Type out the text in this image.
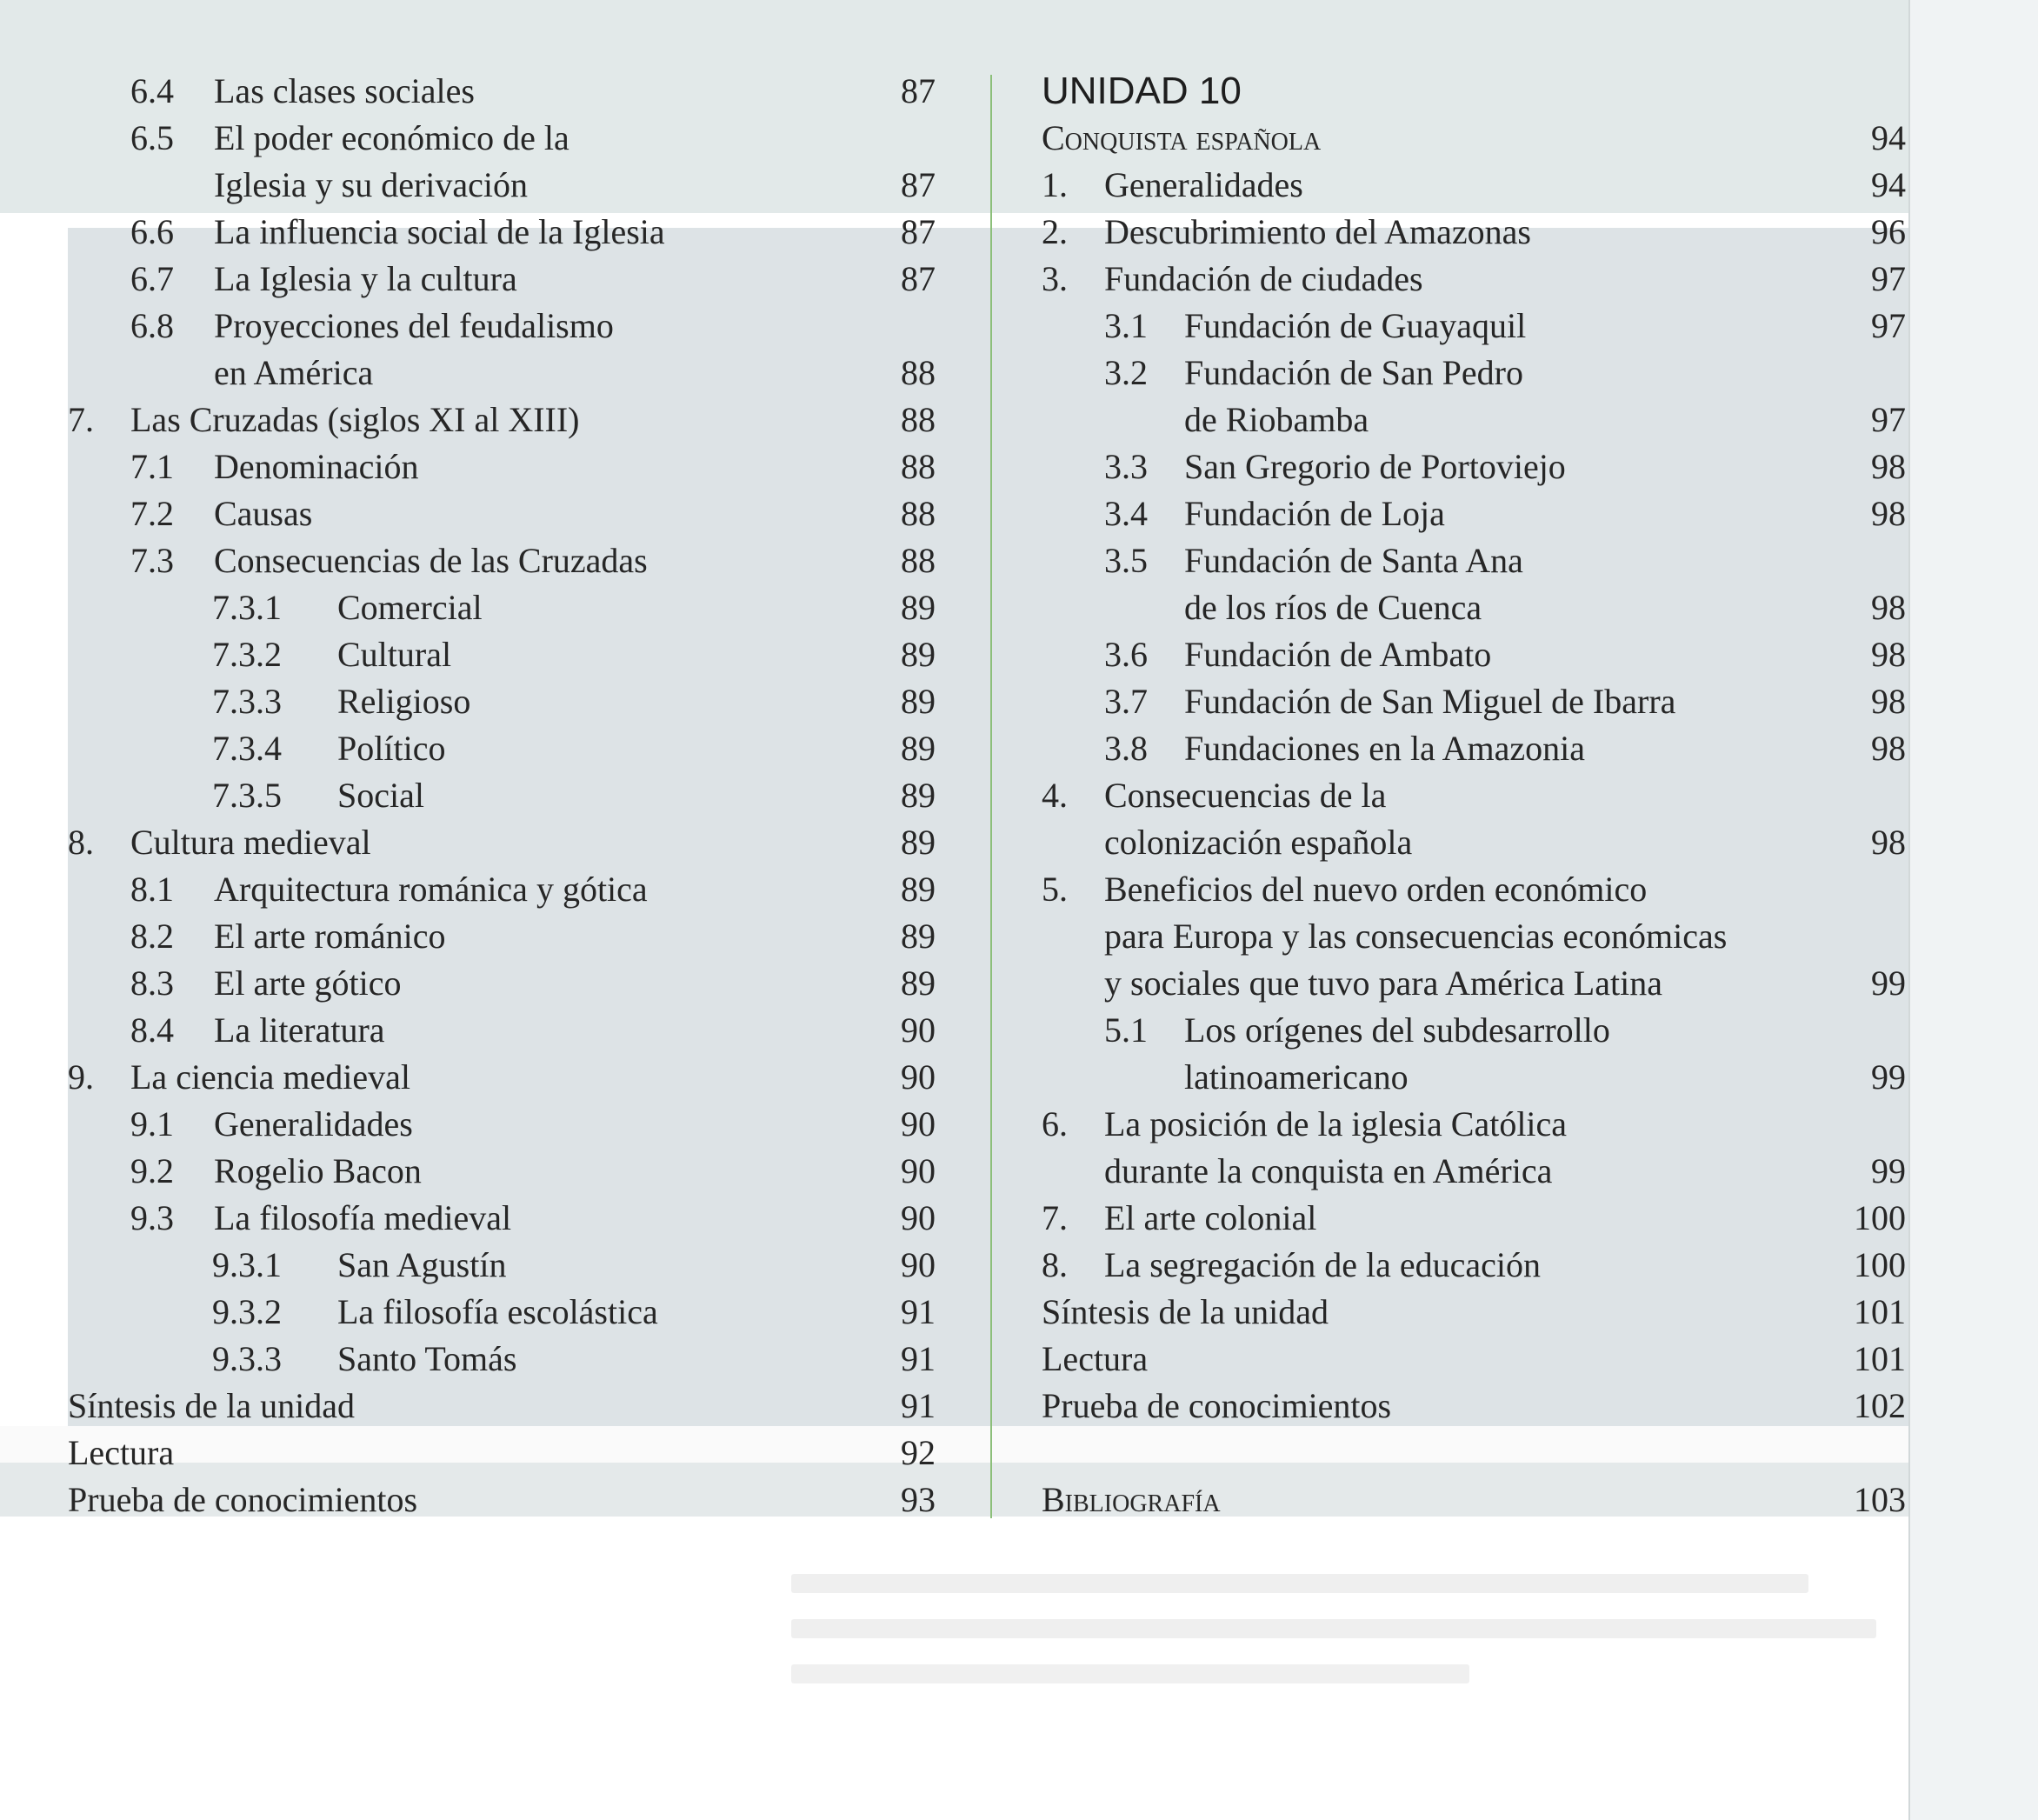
6.4	Las clases sociales	87
6.5	El poder económico de la
Iglesia y su derivación	87
6.6	La influencia social de la Iglesia	87
6.7	La Iglesia y la cultura	87
6.8	Proyecciones del feudalismo
en América	88
7.	Las Cruzadas (siglos XI al XIII)	88
7.1	Denominación	88
7.2	Causas	88
7.3	Consecuencias de las Cruzadas	88
7.3.1	Comercial	89
7.3.2	Cultural	89
7.3.3	Religioso	89
7.3.4	Político	89
7.3.5	Social	89
8.	Cultura medieval	89
8.1	Arquitectura románica y gótica	89
8.2	El arte románico	89
8.3	El arte gótico	89
8.4	La literatura	90
9.	La ciencia medieval	90
9.1	Generalidades	90
9.2	Rogelio Bacon	90
9.3	La filosofía medieval	90
9.3.1	San Agustín	90
9.3.2	La filosofía escolástica	91
9.3.3	Santo Tomás	91
Síntesis de la unidad	91
Lectura	92
Prueba de conocimientos	93
UNIDAD 10
Conquista española	94
1.	Generalidades	94
2.	Descubrimiento del Amazonas	96
3.	Fundación de ciudades	97
3.1	Fundación de Guayaquil	97
3.2	Fundación de San Pedro
de Riobamba	97
3.3	San Gregorio de Portoviejo	98
3.4	Fundación de Loja	98
3.5	Fundación de Santa Ana
de los ríos de Cuenca	98
3.6	Fundación de Ambato	98
3.7	Fundación de San Miguel de Ibarra	98
3.8	Fundaciones en la Amazonia	98
4.	Consecuencias de la
colonización española	98
5.	Beneficios del nuevo orden económico
para Europa y las consecuencias económicas
y sociales que tuvo para América Latina	99
5.1	Los orígenes del subdesarrollo
latinoamericano	99
6.	La posición de la iglesia Católica
durante la conquista en América	99
7.	El arte colonial	100
8.	La segregación de la educación	100
Síntesis de la unidad	101
Lectura	101
Prueba de conocimientos	102
Bibliografía	103
